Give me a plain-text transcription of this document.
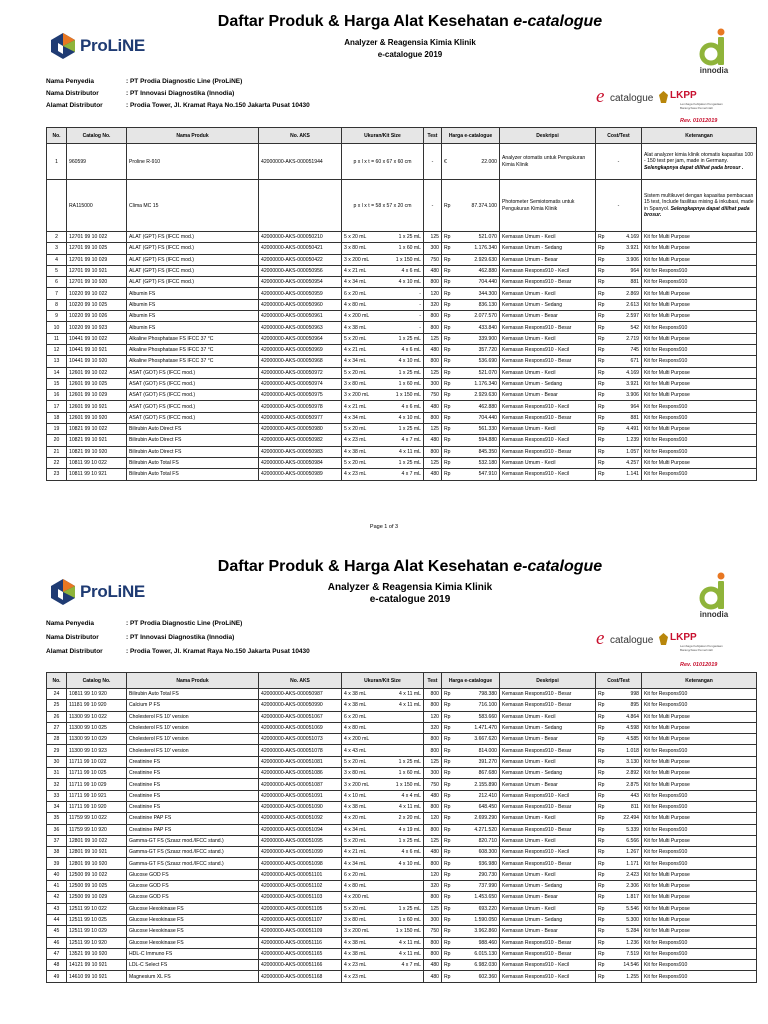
ProLiNE
Daftar Produk & Harga Alat Kesehatan e-catalogue
Analyzer & Reagensia Kimia Klinik
e-catalogue 2019
innodia
Nama Penyedia	: PT Prodia Diagnostic Line (ProLiNE)
Nama Distributor	: PT Innovasi Diagnostika (Innodia)
Alamat Distributor	: Prodia Tower, Jl. Kramat Raya No.150 Jakarta Pusat 10430	e catalogue LKPP
Lembaga Kebijakan Pengadaan Barang/Jasa Pemerintah
Rev. 01012019
No.	Catalog No.	Nama Produk	No. AKS	Ukuran/Kit Size	Test	Harga e-catalogue	Deskripsi	Cost/Test	Keterangan
1	960599	Proline R-910	42000000-AKS-000051944	p x l x t = 60 x 67 x 60 cm	-	€ 22.000	Analyzer otomatis untuk Pengukuran Kimia Klinik	-	Alat analyzer kimia klinik otomatis kapasitas 100 - 150 test per jam, made in Germany. Selengkapnya dapat dilihat pada brosur .
	RA115000	Clima MC 15		p x l x t = 58 x 57 x 20 cm	-	Rp 87.374.100	Photometer Semiotomatis untuk Pengukuran Kimia Klinik	-	Sistem multikuvet dengan kapasitas pembacaan 15 test, Include fasilitas mixing & inkubasi, made in Spanyol. Selengkapnya dapat dilihat pada brosur.
2	12701 99 10 022	ALAT (GPT) FS (IFCC mod.)	42000000-AKS-000050210	5 x 20 mL 1 x 25 mL	125	Rp 521.070	Kemasan Umum - Kecil	Rp 4.169	Kit for Multi Purpose
3	12701 99 10 025	ALAT (GPT) FS (IFCC mod.)	42000000-AKS-000050421	3 x 80 mL 1 x 60 mL	300	Rp 1.176.340	Kemasan Umum - Sedang	Rp 3.921	Kit for Multi Purpose
4	12701 99 10 029	ALAT (GPT) FS (IFCC mod.)	42000000-AKS-000050422	3 x 200 mL 1 x 150 mL	750	Rp 2.929.630	Kemasan Umum - Besar	Rp 3.906	Kit for Multi Purpose
5	12701 99 10 921	ALAT (GPT) FS (IFCC mod.)	42000000-AKS-000050956	4 x 21 mL 4 x 6 mL	480	Rp 462.880	Kemasan Respons910 - Kecil	Rp 964	Kit for Respons910
6	12701 99 10 920	ALAT (GPT) FS (IFCC mod.)	42000000-AKS-000050954	4 x 34 mL 4 x 10 mL	800	Rp 704.440	Kemasan Respons910 - Besar	Rp 881	Kit for Respons910
7	10220 99 10 022	Albumin FS	42000000-AKS-000050959	6 x 20 mL -	120	Rp 344.300	Kemasan Umum - Kecil	Rp 2.869	Kit for Multi Purpose
8	10220 99 10 025	Albumin FS	42000000-AKS-000050960	4 x 80 mL -	320	Rp 836.130	Kemasan Umum - Sedang	Rp 2.613	Kit for Multi Purpose
9	10220 99 10 026	Albumin FS	42000000-AKS-000050961	4 x 200 mL -	800	Rp 2.077.570	Kemasan Umum - Besar	Rp 2.597	Kit for Multi Purpose
10	10220 99 10 923	Albumin FS	42000000-AKS-000050963	4 x 38 mL -	800	Rp 433.840	Kemasan Respons910 - Besar	Rp 542	Kit for Respons910
11	10441 99 10 022	Alkaline Phosphatase FS IFCC 37 °C	42000000-AKS-000050964	5 x 20 mL 1 x 25 mL	125	Rp 339.900	Kemasan Umum - Kecil	Rp 2.719	Kit for Multi Purpose
12	10441 99 10 921	Alkaline Phosphatase FS IFCC 37 °C	42000000-AKS-000050969	4 x 21 mL 4 x 6 mL	480	Rp 357.720	Kemasan Respons910 - Kecil	Rp 745	Kit for Respons910
13	10441 99 10 920	Alkaline Phosphatase FS IFCC 37 °C	42000000-AKS-000050968	4 x 34 mL 4 x 10 mL	800	Rp 536.690	Kemasan Respons910 - Besar	Rp 671	Kit for Respons910
14	12601 99 10 022	ASAT (GOT) FS (IFCC mod.)	42000000-AKS-000050972	5 x 20 mL 1 x 25 mL	125	Rp 521.070	Kemasan Umum - Kecil	Rp 4.169	Kit for Multi Purpose
15	12601 99 10 025	ASAT (GOT) FS (IFCC mod.)	42000000-AKS-000050974	3 x 80 mL 1 x 60 mL	300	Rp 1.176.340	Kemasan Umum - Sedang	Rp 3.921	Kit for Multi Purpose
16	12601 99 10 029	ASAT (GOT) FS (IFCC mod.)	42000000-AKS-000050975	3 x 200 mL 1 x 150 mL	750	Rp 2.929.630	Kemasan Umum - Besar	Rp 3.906	Kit for Multi Purpose
17	12601 99 10 921	ASAT (GOT) FS (IFCC mod.)	42000000-AKS-000050978	4 x 21 mL 4 x 6 mL	480	Rp 462.880	Kemasan Respons910 - Kecil	Rp 964	Kit for Respons910
18	12601 99 10 920	ASAT (GOT) FS (IFCC mod.)	42000000-AKS-000050977	4 x 34 mL 4 x 10 mL	800	Rp 704.440	Kemasan Respons910 - Besar	Rp 881	Kit for Respons910
19	10821 99 10 022	Bilirubin Auto Direct FS	42000000-AKS-000050980	5 x 20 mL 1 x 25 mL	125	Rp 561.330	Kemasan Umum - Kecil	Rp 4.491	Kit for Multi Purpose
20	10821 99 10 921	Bilirubin Auto Direct FS	42000000-AKS-000050982	4 x 23 mL 4 x 7 mL	480	Rp 594.880	Kemasan Respons910 - Kecil	Rp 1.239	Kit for Respons910
21	10821 99 10 920	Bilirubin Auto Direct FS	42000000-AKS-000050983	4 x 38 mL 4 x 11 mL	800	Rp 845.350	Kemasan Respons910 - Besar	Rp 1.057	Kit for Respons910
22	10811 99 10 022	Bilirubin Auto Total FS	42000000-AKS-000050984	5 x 20 mL 1 x 25 mL	125	Rp 532.180	Kemasan Umum - Kecil	Rp 4.257	Kit for Multi Purpose
23	10811 99 10 921	Bilirubin Auto Total FS	42000000-AKS-000050989	4 x 23 mL 4 x 7 mL	480	Rp 547.910	Kemasan Respons910 - Kecil	Rp 1.141	Kit for Respons910
Page 1 of 3
ProLiNE
Daftar Produk & Harga Alat Kesehatan e-catalogue
Analyzer & Reagensia Kimia Klinik
e-catalogue 2019
innodia
Nama Penyedia	: PT Prodia Diagnostic Line (ProLiNE)
Nama Distributor	: PT Innovasi Diagnostika (Innodia)
Alamat Distributor	: Prodia Tower, Jl. Kramat Raya No.150 Jakarta Pusat 10430
e catalogue LKPP
Lembaga Kebijakan Pengadaan Barang/Jasa Pemerintah
Rev. 01012019
No.	Catalog No.	Nama Produk	No. AKS	Ukuran/Kit Size	Test	Harga e-catalogue	Deskripsi	Cost/Test	Keterangan
24	10811 99 10 920	Bilirubin Auto Total FS	42000000-AKS-000050987	4 x 38 mL 4 x 11 mL	800	Rp 798.380	Kemasan Respons910 - Besar	Rp 998	Kit for Respons910
25	11181 99 10 920	Calcium P FS	42000000-AKS-000050990	4 x 38 mL 4 x 11 mL	800	Rp 716.100	Kemasan Respons910 - Besar	Rp 895	Kit for Respons910
26	11300 99 10 022	Cholesterol FS 10' version	42000000-AKS-000051067	6 x 20 mL	120	Rp 583.660	Kemasan Umum - Kecil	Rp 4.864	Kit for Multi Purpose
27	11300 99 10 025	Cholesterol FS 10' version	42000000-AKS-000051069	4 x 80 mL	320	Rp 1.471.470	Kemasan Umum - Sedang	Rp 4.598	Kit for Multi Purpose
28	11300 99 10 029	Cholesterol FS 10' version	42000000-AKS-000051073	4 x 200 mL	800	Rp 3.667.620	Kemasan Umum - Besar	Rp 4.585	Kit for Multi Purpose
29	11300 99 10 923	Cholesterol FS 10' version	42000000-AKS-000051078	4 x 43 mL	800	Rp 814.000	Kemasan Respons910 - Besar	Rp 1.018	Kit for Respons910
30	11711 99 10 022	Creatinine FS	42000000-AKS-000051081	5 x 20 mL 1 x 25 mL	125	Rp 391.270	Kemasan Umum - Kecil	Rp 3.130	Kit for Multi Purpose
31	11711 99 10 025	Creatinine FS	42000000-AKS-000051086	3 x 80 mL 1 x 60 mL	300	Rp 867.680	Kemasan Umum - Sedang	Rp 2.892	Kit for Multi Purpose
32	11711 99 10 029	Creatinine FS	42000000-AKS-000051087	3 x 200 mL 1 x 150 mL	750	Rp 2.155.890	Kemasan Umum - Besar	Rp 2.875	Kit for Multi Purpose
33	11711 99 10 921	Creatinine FS	42000000-AKS-000051091	4 x 10 mL 4 x 4 mL	480	Rp 212.410	Kemasan Respons910 - Kecil	Rp 443	Kit for Respons910
34	11711 99 10 920	Creatinine FS	42000000-AKS-000051090	4 x 38 mL 4 x 11 mL	800	Rp 648.450	Kemasan Respons910 - Besar	Rp 811	Kit for Respons910
35	11759 99 10 022	Creatinine PAP FS	42000000-AKS-000051092	4 x 20 mL 2 x 20 mL	120	Rp 2.699.290	Kemasan Umum - Kecil	Rp 22.494	Kit for Multi Purpose
36	11759 99 10 920	Creatinine PAP FS	42000000-AKS-000051094	4 x 34 mL 4 x 19 mL	800	Rp 4.271.520	Kemasan Respons910 - Besar	Rp 5.339	Kit for Respons910
37	12801 99 10 022	Gamma-GT FS (Szasz mod./IFCC stand.)	42000000-AKS-000051095	5 x 20 mL 1 x 25 mL	125	Rp 820.710	Kemasan Umum - Kecil	Rp 6.566	Kit for Multi Purpose
38	12801 99 10 921	Gamma-GT FS (Szasz mod./IFCC stand.)	42000000-AKS-000051099	4 x 21 mL 4 x 6 mL	480	Rp 608.300	Kemasan Respons910 - Kecil	Rp 1.267	Kit for Respons910
39	12801 99 10 920	Gamma-GT FS (Szasz mod./IFCC stand.)	42000000-AKS-000051098	4 x 34 mL 4 x 10 mL	800	Rp 936.980	Kemasan Respons910 - Besar	Rp 1.171	Kit for Respons910
40	12500 99 10 022	Glucose GOD FS	42000000-AKS-000051101	6 x 20 mL	120	Rp 290.730	Kemasan Umum - Kecil	Rp 2.423	Kit for Multi Purpose
41	12500 99 10 025	Glucose GOD FS	42000000-AKS-000051102	4 x 80 mL	320	Rp 737.990	Kemasan Umum - Sedang	Rp 2.306	Kit for Multi Purpose
42	12500 99 10 029	Glucose GOD FS	42000000-AKS-000051103	4 x 200 mL	800	Rp 1.453.650	Kemasan Umum - Besar	Rp 1.817	Kit for Multi Purpose
43	12511 99 10 022	Glucose Hexokinase FS	42000000-AKS-000051105	5 x 20 mL 1 x 25 mL	125	Rp 693.220	Kemasan Umum - Kecil	Rp 5.546	Kit for Multi Purpose
44	12511 99 10 025	Glucose Hexokinase FS	42000000-AKS-000051107	3 x 80 mL 1 x 60 mL	300	Rp 1.590.050	Kemasan Umum - Sedang	Rp 5.300	Kit for Multi Purpose
45	12511 99 10 029	Glucose Hexokinase FS	42000000-AKS-000051109	3 x 200 mL 1 x 150 mL	750	Rp 3.962.860	Kemasan Umum - Besar	Rp 5.284	Kit for Multi Purpose
46	12511 99 10 920	Glucose Hexokinase FS	42000000-AKS-000051116	4 x 38 mL 4 x 11 mL	800	Rp 988.460	Kemasan Respons910 - Besar	Rp 1.236	Kit for Respons910
47	13521 99 10 920	HDL-C Immuno FS	42000000-AKS-000051165	4 x 38 mL 4 x 11 mL	800	Rp 6.015.130	Kemasan Respons910 - Besar	Rp 7.519	Kit for Respons910
48	14121 99 10 921	LDL-C Select FS	42000000-AKS-000051166	4 x 23 mL 4 x 7 mL	480	Rp 6.982.030	Kemasan Respons910 - Kecil	Rp 14.546	Kit for Respons910
49	14610 99 10 921	Magnesium XL FS	42000000-AKS-000051168	4 x 23 mL	480	Rp 602.360	Kemasan Respons910 - Kecil	Rp 1.255	Kit for Respons910
